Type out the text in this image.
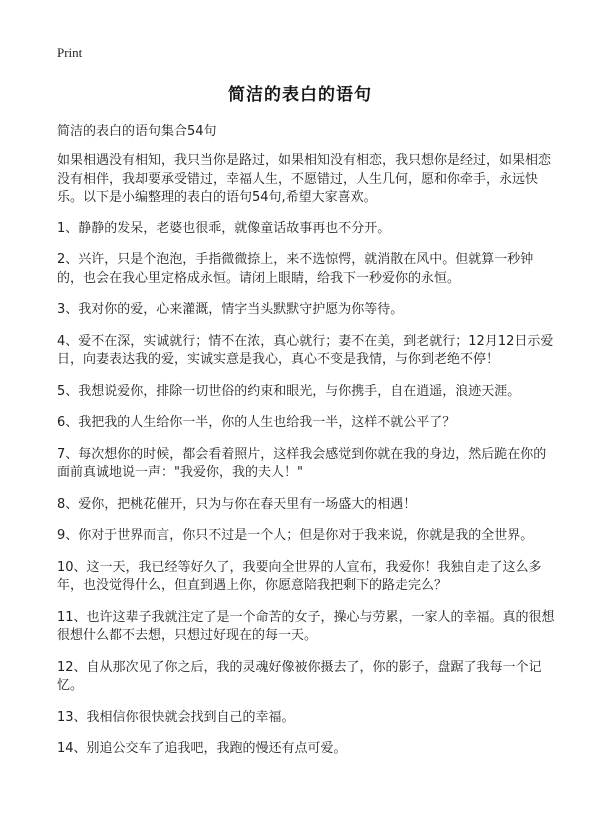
Print
简洁的表白的语句

简洁的表白的语句集合54句

如果相遇没有相知，我只当你是路过，如果相知没有相恋，我只想你是经过，如果相恋没有相伴，我却要承受错过，幸福人生，不愿错过，人生几何，愿和你牵手，永远快乐。以下是小编整理的表白的语句54句,希望大家喜欢。

1、静静的发呆，老婆也很乖，就像童话故事再也不分开。

2、兴许，只是个泡泡，手指微微捺上，来不选惊愕，就消散在风中。但就算一秒钟的，也会在我心里定格成永恒。请闭上眼睛，给我下一秒爱你的永恒。

3、我对你的爱，心来灌溉，情字当头默默守护愿为你等待。

4、爱不在深，实诚就行；情不在浓，真心就行；妻不在美，到老就行；12月12日示爱日，向妻表达我的爱，实诚实意是我心，真心不变是我情，与你到老绝不停！

5、我想说爱你，排除一切世俗的约束和眼光，与你携手，自在逍遥，浪迹天涯。

6、我把我的人生给你一半，你的人生也给我一半，这样不就公平了？

7、每次想你的时候，都会看着照片，这样我会感觉到你就在我的身边，然后跪在你的面前真诚地说一声："我爱你，我的夫人！"

8、爱你，把桃花催开，只为与你在春天里有一场盛大的相遇！

9、你对于世界而言，你只不过是一个人；但是你对于我来说，你就是我的全世界。

10、这一天，我已经等好久了，我要向全世界的人宣布，我爱你！我独自走了这么多年，也没觉得什么，但直到遇上你，你愿意陪我把剩下的路走完么？

11、也许这辈子我就注定了是一个命苦的女子，操心与劳累，一家人的幸福。真的很想很想什么都不去想，只想过好现在的每一天。

12、自从那次见了你之后，我的灵魂好像被你摄去了，你的影子，盘踞了我每一个记忆。

13、我相信你很快就会找到自己的幸福。

14、别追公交车了追我吧，我跑的慢还有点可爱。
